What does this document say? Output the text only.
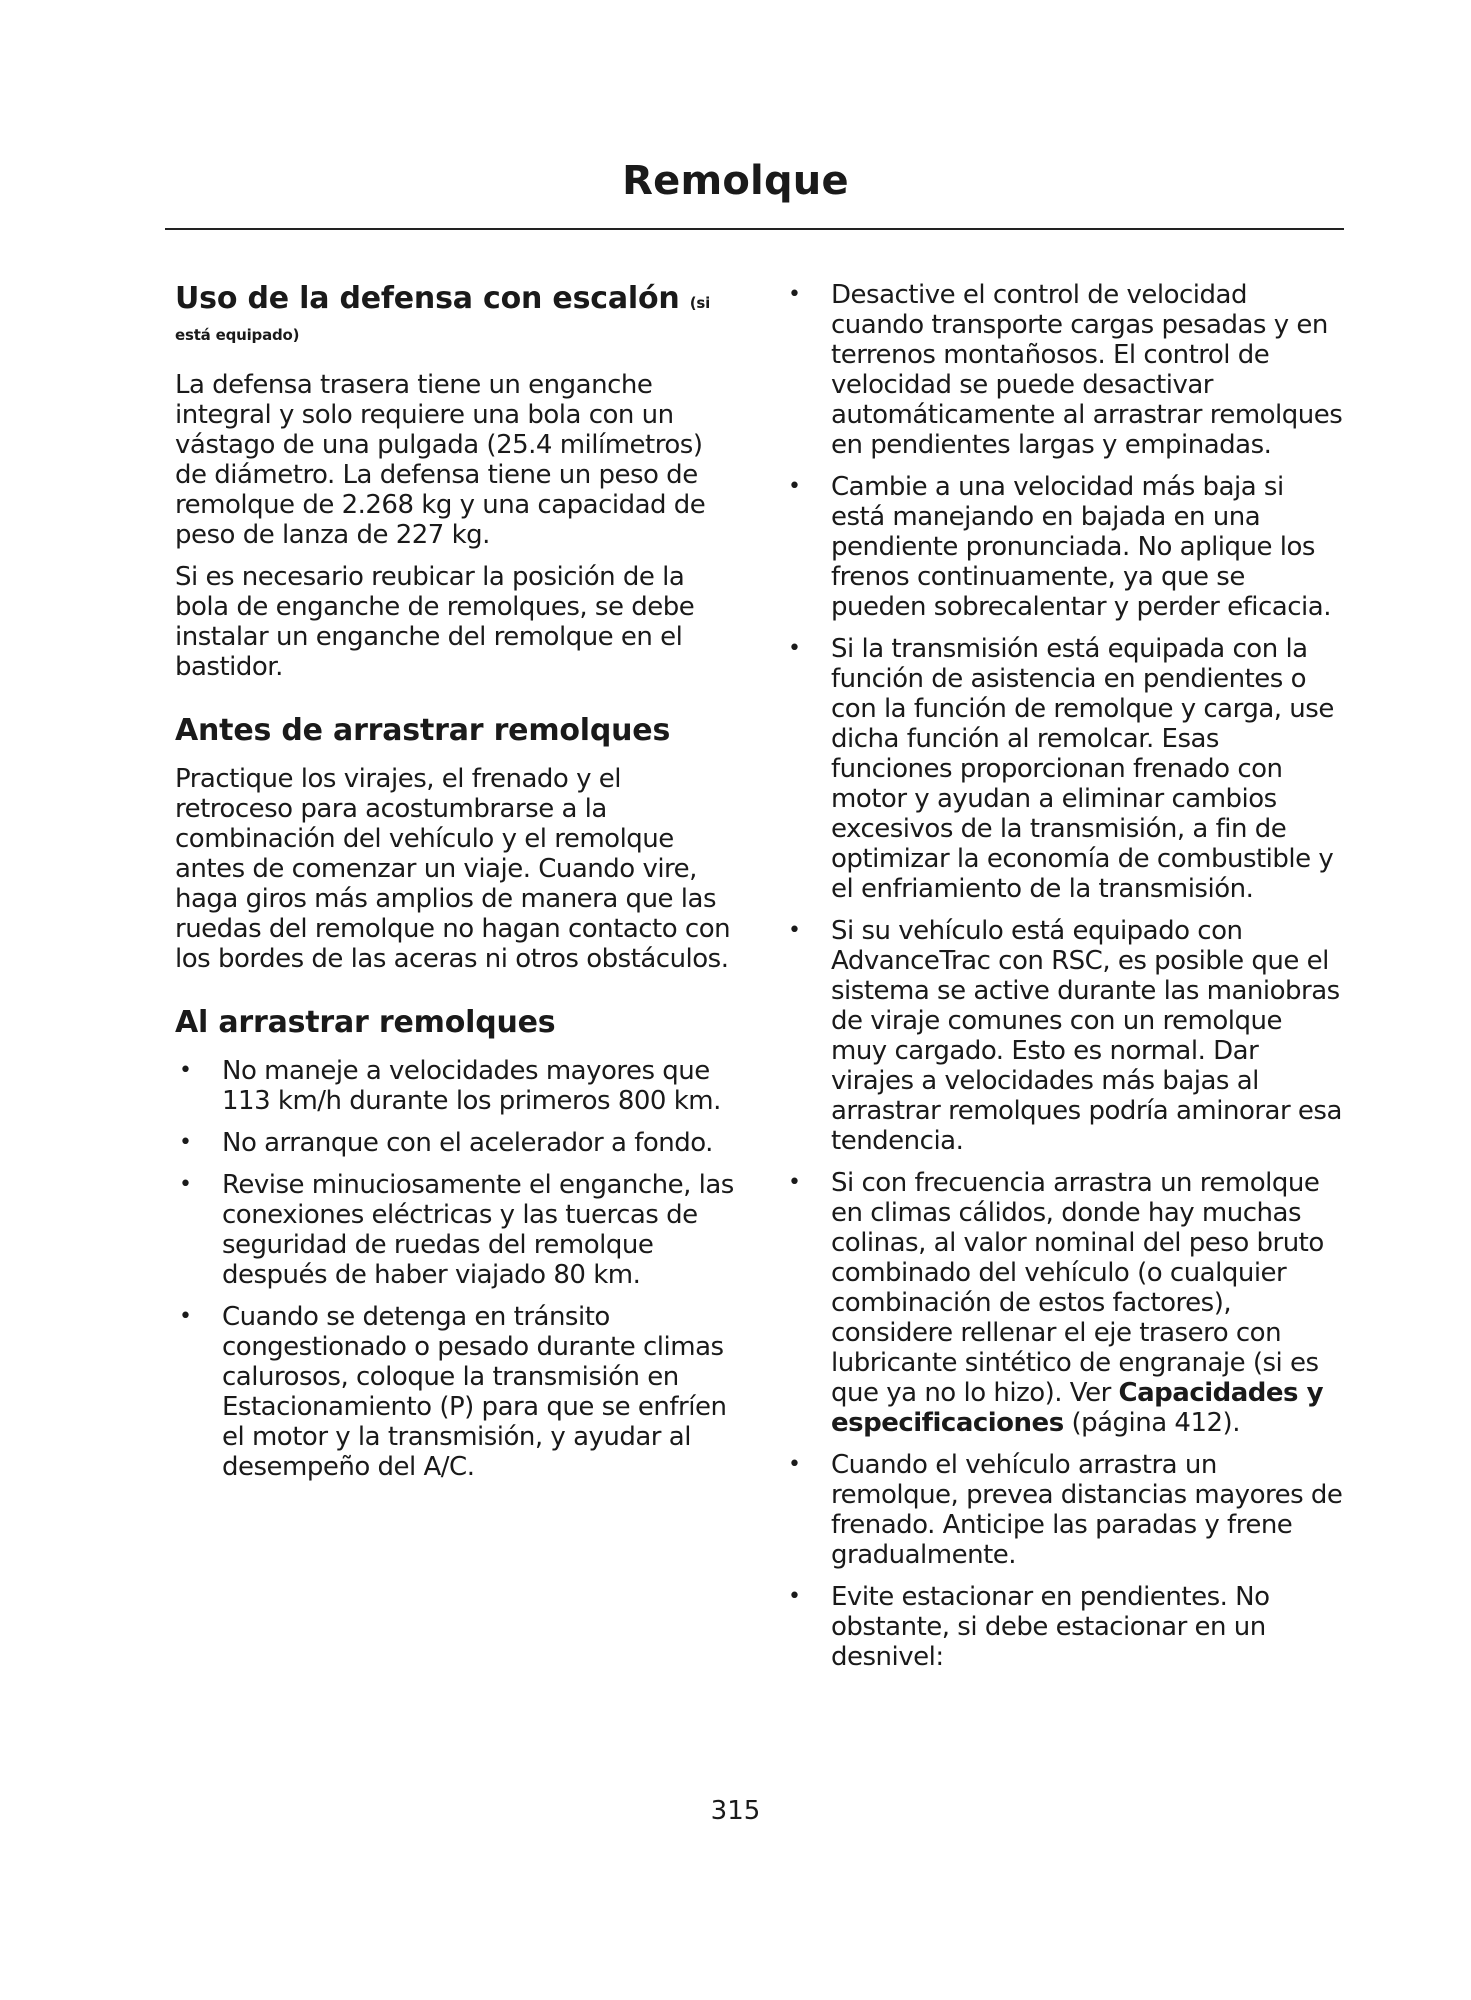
Remolque
Uso de la defensa con escalón (si
está equipado)

La defensa trasera tiene un enganche integral y solo requiere una bola con un vástago de una pulgada (25.4 milímetros) de diámetro. La defensa tiene un peso de remolque de 2.268 kg y una capacidad de peso de lanza de 227 kg.

Si es necesario reubicar la posición de la bola de enganche de remolques, se debe instalar un enganche del remolque en el bastidor.

Antes de arrastrar remolques

Practique los virajes, el frenado y el retroceso para acostumbrarse a la combinación del vehículo y el remolque antes de comenzar un viaje. Cuando vire, haga giros más amplios de manera que las ruedas del remolque no hagan contacto con los bordes de las aceras ni otros obstáculos.

Al arrastrar remolques
• No maneje a velocidades mayores que 113 km/h durante los primeros 800 km.
• No arranque con el acelerador a fondo.
• Revise minuciosamente el enganche, las conexiones eléctricas y las tuercas de seguridad de ruedas del remolque después de haber viajado 80 km.
• Cuando se detenga en tránsito congestionado o pesado durante climas calurosos, coloque la transmisión en Estacionamiento (P) para que se enfríen el motor y la transmisión, y ayudar al desempeño del A/C.
• Desactive el control de velocidad cuando transporte cargas pesadas y en terrenos montañosos. El control de velocidad se puede desactivar automáticamente al arrastrar remolques en pendientes largas y empinadas.
• Cambie a una velocidad más baja si está manejando en bajada en una pendiente pronunciada. No aplique los frenos continuamente, ya que se pueden sobrecalentar y perder eficacia.
• Si la transmisión está equipada con la función de asistencia en pendientes o con la función de remolque y carga, use dicha función al remolcar. Esas funciones proporcionan frenado con motor y ayudan a eliminar cambios excesivos de la transmisión, a fin de optimizar la economía de combustible y el enfriamiento de la transmisión.
• Si su vehículo está equipado con AdvanceTrac con RSC, es posible que el sistema se active durante las maniobras de viraje comunes con un remolque muy cargado. Esto es normal. Dar virajes a velocidades más bajas al arrastrar remolques podría aminorar esa tendencia.
• Si con frecuencia arrastra un remolque en climas cálidos, donde hay muchas colinas, al valor nominal del peso bruto combinado del vehículo (o cualquier combinación de estos factores), considere rellenar el eje trasero con lubricante sintético de engranaje (si es que ya no lo hizo). Ver Capacidades y especificaciones (página 412).
• Cuando el vehículo arrastra un remolque, prevea distancias mayores de frenado. Anticipe las paradas y frene gradualmente.
• Evite estacionar en pendientes. No obstante, si debe estacionar en un desnivel:

315
